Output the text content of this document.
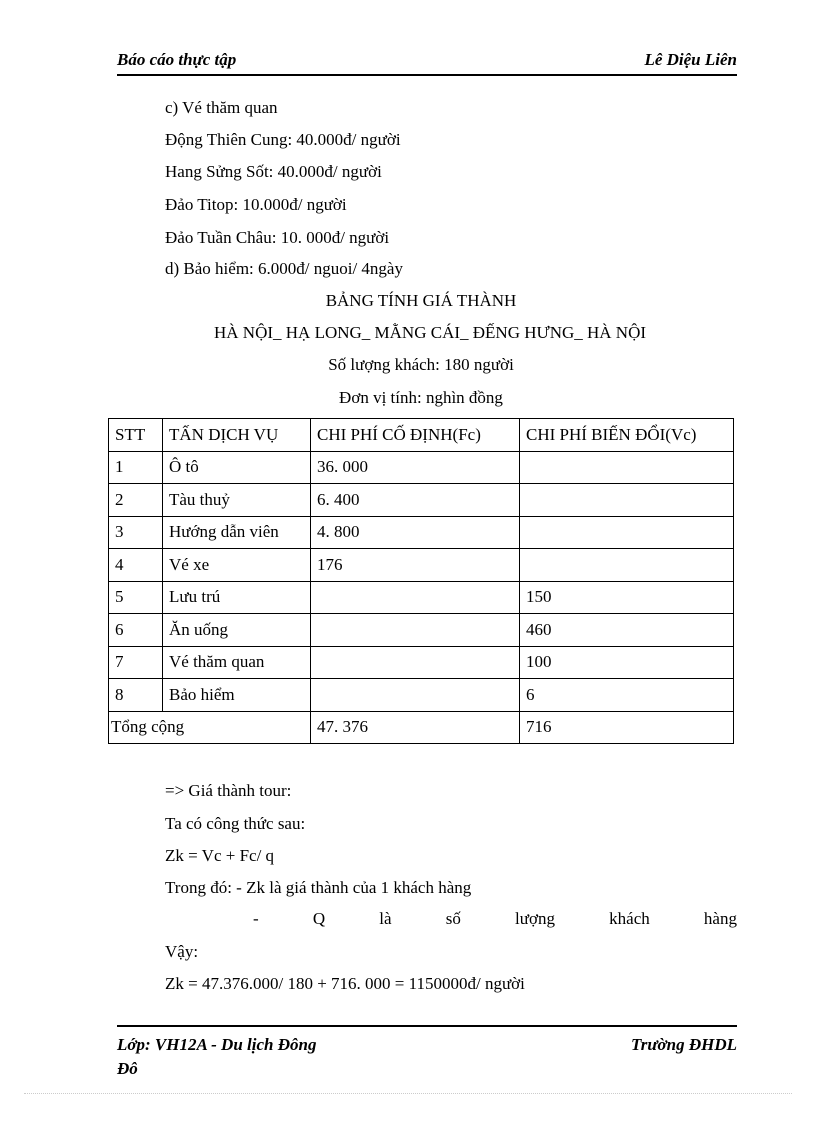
Báo cáo thực tập	Lê Diệu Liên
c) Vé thăm quan
Động Thiên Cung: 40.000đ/ người
Hang Sửng Sốt: 40.000đ/ người
Đảo Titop: 10.000đ/ người
Đảo Tuần Châu: 10. 000đ/ người
d) Bảo hiểm: 6.000đ/ nguoi/ 4ngày
BẢNG TÍNH GIÁ THÀNH
HÀ NỘI_ HẠ LONG_ MẰNG CÁI_ ĐẾNG HƯNG_ HÀ NỘI
Số lượng khách: 180 người
Đơn vị tính: nghìn đồng
STT	TẤN DỊCH VỤ	CHI PHÍ CỐ ĐỊNH(Fc)	CHI PHÍ BIẾN ĐỔI(Vc)
1	Ô tô	36. 000	
2	Tàu thuỷ	6. 400	
3	Hướng dẫn viên	4. 800	
4	Vé xe	176	
5	Lưu trú		150
6	Ăn uống		460
7	Vé thăm quan		100
8	Bảo hiểm		6
Tổng cộng		47. 376	716
=> Giá thành tour:
Ta có công thức sau:
Zk = Vc + Fc/ q
Trong đó: - Zk là giá thành của 1 khách hàng
-	Q	là	số	lượng	khách	hàng
Vậy:
Zk = 47.376.000/ 180 + 716. 000 = 1150000đ/ người
Lớp: VH12A - Du lịch Đông Đô
Trường ĐHDL
